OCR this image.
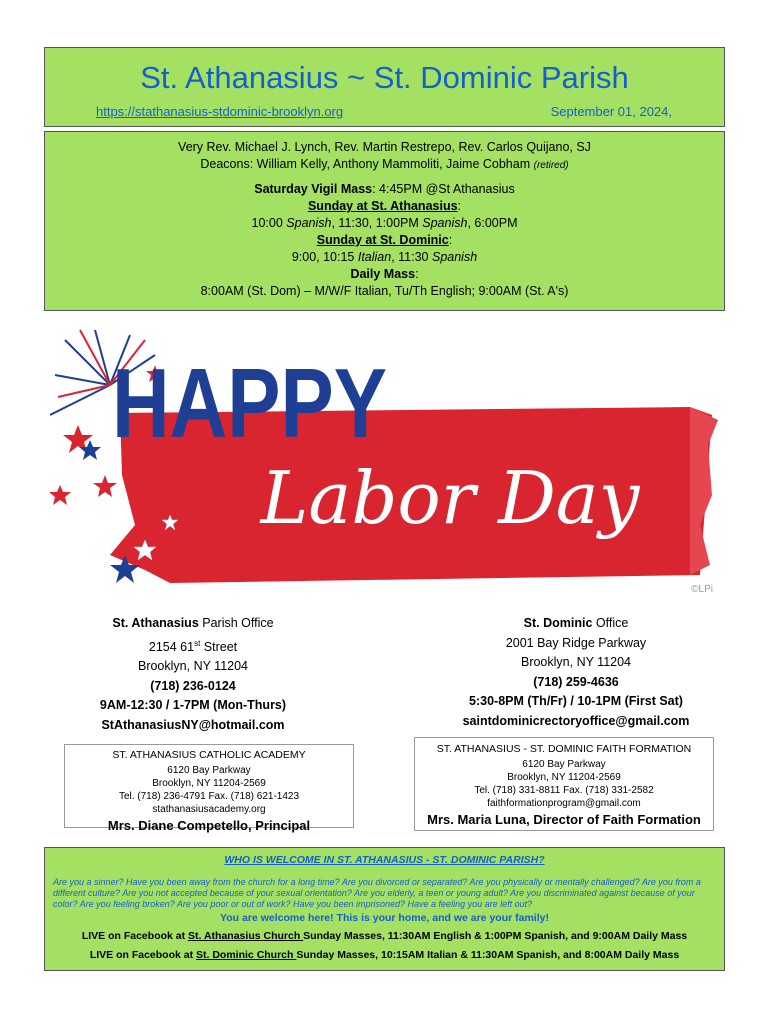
St. Athanasius ~ St. Dominic Parish
https://stathanasius-stdominic-brooklyn.org	September 01, 2024,

Very Rev. Michael J. Lynch, Rev. Martin Restrepo, Rev. Carlos Quijano, SJ

Deacons: William Kelly, Anthony Mammoliti, Jaime Cobham (retired)

Saturday Vigil Mass: 4:45PM @St Athanasius

Sunday at St. Athanasius:

10:00 Spanish, 11:30, 1:00PM Spanish, 6:00PM

Sunday at St. Dominic:

9:00, 10:15 Italian, 11:30 Spanish

Daily Mass:

8:00AM (St. Dom) – M/W/F Italian, Tu/Th English; 9:00AM (St. A's)

HAPPY
Labor Day
©LPi

St. Athanasius Parish Office

2154 61st Street

Brooklyn, NY 11204

(718) 236-0124

9AM-12:30 / 1-7PM (Mon-Thurs)

StAthanasiusNY@hotmail.com

St. Dominic Office

2001 Bay Ridge Parkway

Brooklyn, NY 11204

(718) 259-4636

5:30-8PM (Th/Fr) / 10-1PM (First Sat)

saintdominicrectoryoffice@gmail.com

ST. ATHANASIUS CATHOLIC ACADEMY

6120 Bay Parkway

Brooklyn, NY 11204-2569

Tel. (718) 236-4791 Fax. (718) 621-1423

stathanasiusacademy.org

Mrs. Diane Competello, Principal

ST. ATHANASIUS - ST. DOMINIC FAITH FORMATION

6120 Bay Parkway

Brooklyn, NY 11204-2569

Tel. (718) 331-8811 Fax. (718) 331-2582

faithformationprogram@gmail.com

Mrs. Maria Luna, Director of Faith Formation

WHO IS WELCOME IN ST. ATHANASIUS - ST. DOMINIC PARISH?
Are you a sinner? Have you been away from the church for a long time? Are you divorced or separated? Are you physically or mentally challenged? Are you from a different culture? Are you not accepted because of your sexual orientation? Are you elderly, a teen or young adult? Are you discriminated against because of your color? Are you feeling broken? Are you poor or out of work? Have you been imprisoned? Have a feeling you are left out?
You are welcome here! This is your home, and we are your family!
LIVE on Facebook at St. Athanasius Church Sunday Masses, 11:30AM English & 1:00PM Spanish, and 9:00AM Daily Mass
LIVE on Facebook at St. Dominic Church Sunday Masses, 10:15AM Italian & 11:30AM Spanish, and 8:00AM Daily Mass
